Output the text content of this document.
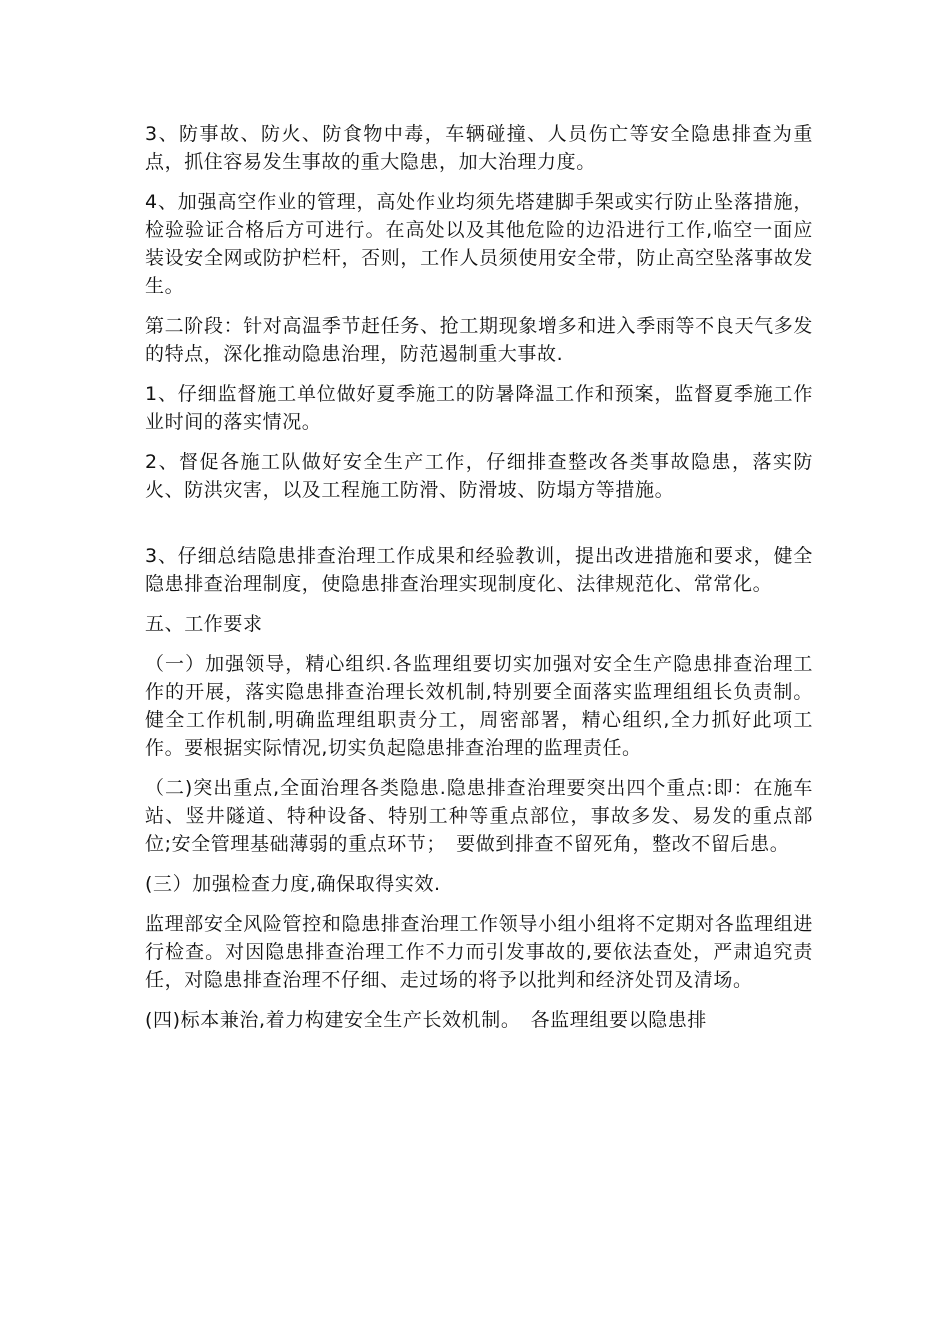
3、防事故、防火、防食物中毒，车辆碰撞、人员伤亡等安全隐患排查为重点，抓住容易发生事故的重大隐患，加大治理力度。

4、加强高空作业的管理，高处作业均须先塔建脚手架或实行防止坠落措施，检验验证合格后方可进行。在高处以及其他危险的边沿进行工作,临空一面应装设安全网或防护栏杆，否则，工作人员须使用安全带，防止高空坠落事故发生。

第二阶段：针对高温季节赶任务、抢工期现象增多和进入季雨等不良天气多发的特点，深化推动隐患治理，防范遏制重大事故.

1、仔细监督施工单位做好夏季施工的防暑降温工作和预案，监督夏季施工作业时间的落实情况。

2、督促各施工队做好安全生产工作，仔细排查整改各类事故隐患，落实防火、防洪灾害，以及工程施工防滑、防滑坡、防塌方等措施。

3、仔细总结隐患排查治理工作成果和经验教训，提出改进措施和要求，健全隐患排查治理制度，使隐患排查治理实现制度化、法律规范化、常常化。

五、工作要求

（一）加强领导，精心组织.各监理组要切实加强对安全生产隐患排查治理工作的开展，落实隐患排查治理长效机制,特别要全面落实监理组组长负责制。健全工作机制,明确监理组职责分工，周密部署，精心组织,全力抓好此项工作。要根据实际情况,切实负起隐患排查治理的监理责任。

（二)突出重点,全面治理各类隐患.隐患排查治理要突出四个重点:即：在施车站、竖井隧道、特种设备、特别工种等重点部位，事故多发、易发的重点部位;安全管理基础薄弱的重点环节；　要做到排查不留死角，整改不留后患。

(三）加强检查力度,确保取得实效.

监理部安全风险管控和隐患排查治理工作领导小组小组将不定期对各监理组进行检查。对因隐患排查治理工作不力而引发事故的,要依法查处，严肃追究责任，对隐患排查治理不仔细、走过场的将予以批判和经济处罚及清场。

(四)标本兼治,着力构建安全生产长效机制。　各监理组要以隐患排
